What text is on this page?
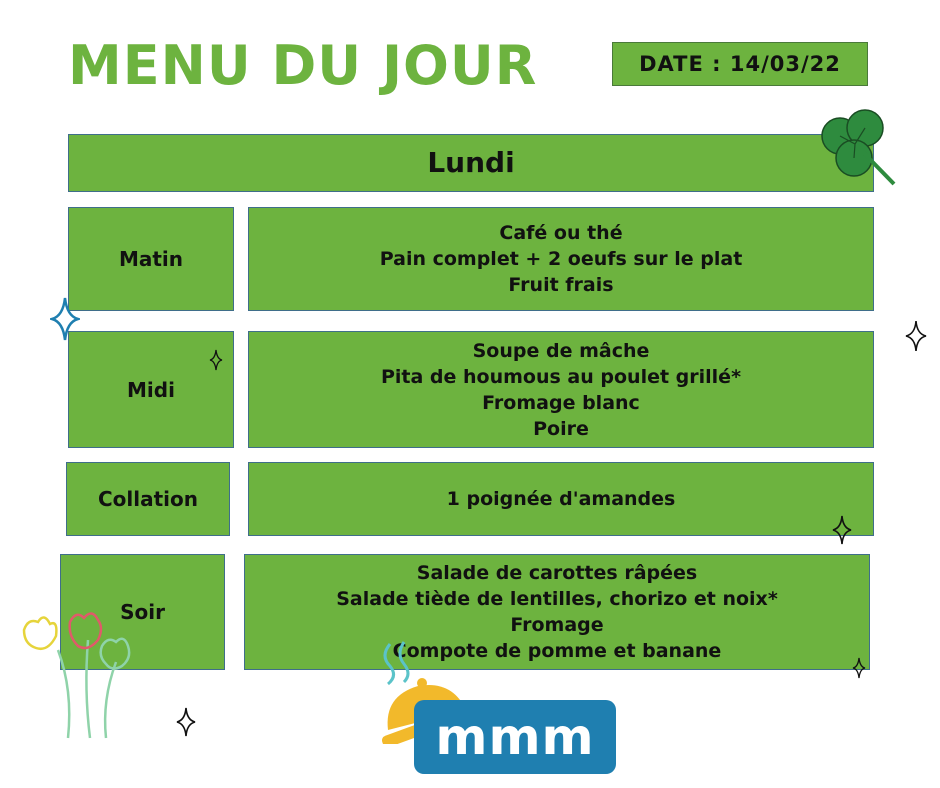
MENU DU JOUR	DATE : 14/03/22
Lundi
Matin
Café ou thé
Pain complet + 2 oeufs sur le plat
Fruit frais
Midi
Soupe de mâche
Pita de houmous au poulet grillé*
Fromage blanc
Poire
Collation	1 poignée d'amandes
Soir
Salade de carottes râpées
Salade tiède de lentilles, chorizo et noix*
Fromage
Compote de pomme et banane
mmm
